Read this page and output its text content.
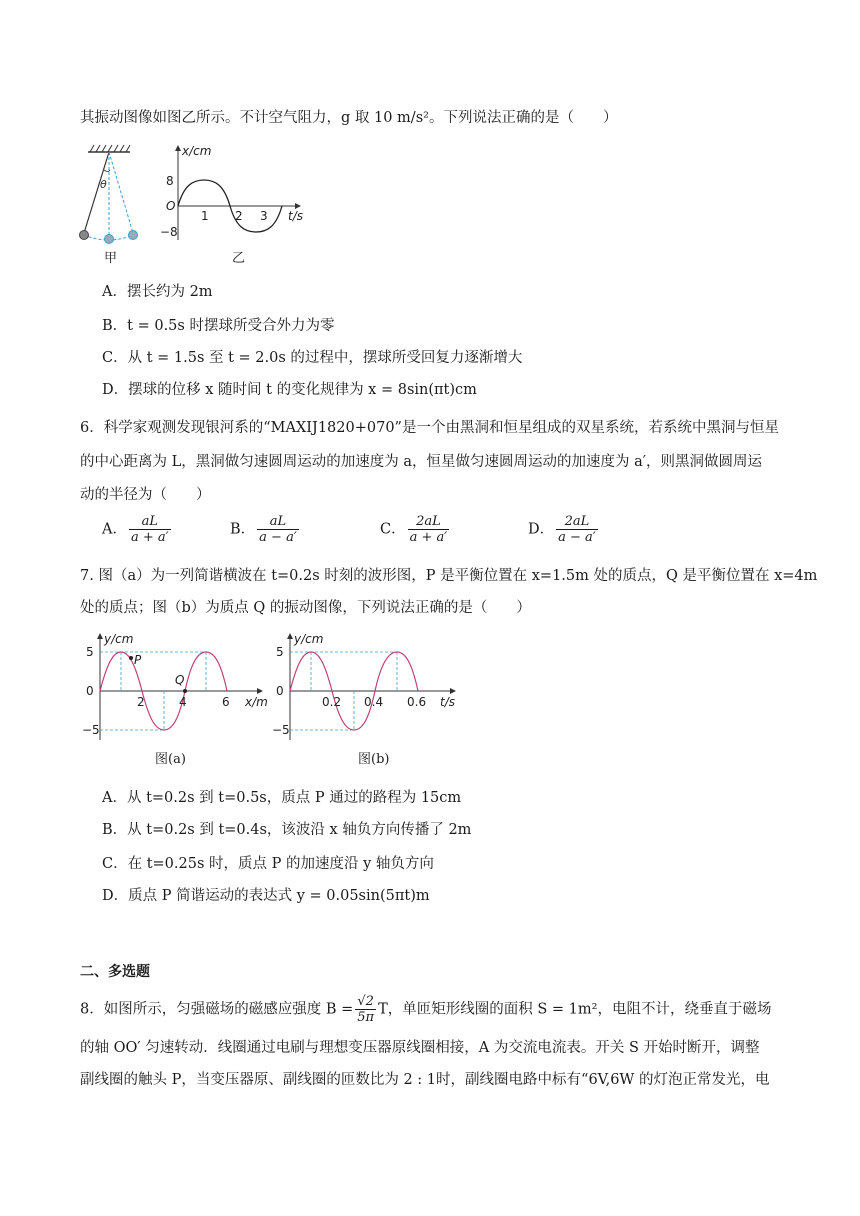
其振动图像如图乙所示。不计空气阻力，g 取 10 m/s²。下列说法正确的是（　　）
θ
甲
x/cm
t/s
O
8
−8
1 2 3
乙
A．摆长约为 2m
B．t = 0.5s 时摆球所受合外力为零
C．从 t = 1.5s 至 t = 2.0s 的过程中，摆球所受回复力逐渐增大
D．摆球的位移 x 随时间 t 的变化规律为 x = 8sin(πt)cm
6．科学家观测发现银河系的“MAXIJ1820+070”是一个由黑洞和恒星组成的双星系统，若系统中黑洞与恒星
的中心距离为 L，黑洞做匀速圆周运动的加速度为 a，恒星做匀速圆周运动的加速度为 a′，则黑洞做圆周运
动的半径为（　　）
A． $\frac{aL}{a + a'}$	B． $\frac{aL}{a - a'}$	C． $\frac{2aL}{a + a'}$	D． $\frac{2aL}{a - a'}$
7. 图（a）为一列简谐横波在 t=0.2s 时刻的波形图，P 是平衡位置在 x=1.5m 处的质点，Q 是平衡位置在 x=4m
处的质点；图（b）为质点 Q 的振动图像，下列说法正确的是（　　）
y/cm
x/m
0
5
−5
2	4	6
P
Q
图(a)
y/cm
t/s
0
5
−5
0.2 0.4 0.6
图(b)
A．从 t=0.2s 到 t=0.5s，质点 P 通过的路程为 15cm
B．从 t=0.2s 到 t=0.4s，该波沿 x 轴负方向传播了 2m
C．在 t=0.25s 时，质点 P 的加速度沿 y 轴负方向
D．质点 P 简谐运动的表达式 y = 0.05sin(5πt)m
二、多选题
8．如图所示，匀强磁场的磁感应强度 $B = \frac{√2}{5\pi}$ T，单匝矩形线圈的面积 S = 1m²，电阻不计，绕垂直于磁场
的轴 OO′ 匀速转动．线圈通过电刷与理想变压器原线圈相接，A 为交流电流表。开关 S 开始时断开，调整
副线圈的触头 P，当变压器原、副线圈的匝数比为 2 : 1时，副线圈电路中标有“6V,6W 的灯泡正常发光，电
